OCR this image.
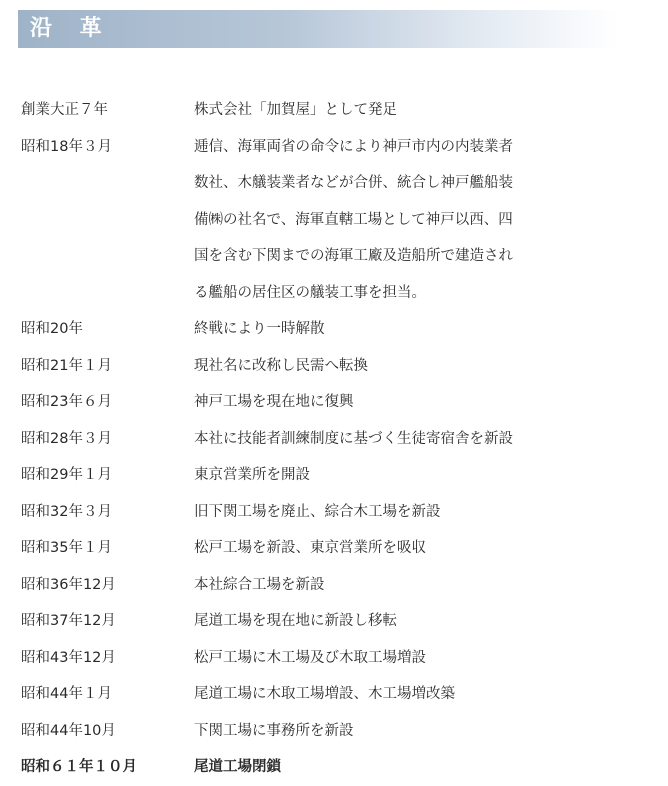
沿 革
創業大正７年	株式会社「加賀屋」として発足
昭和18年３月	逓信、海軍両省の命令により神戸市内の内装業者
数社、木艤装業者などが合併、統合し神戸艦船装
備㈱の社名で、海軍直轄工場として神戸以西、四
国を含む下関までの海軍工廠及造船所で建造され
る艦船の居住区の艤装工事を担当。
昭和20年	終戦により一時解散
昭和21年１月	現社名に改称し民需へ転換
昭和23年６月	神戸工場を現在地に復興
昭和28年３月	本社に技能者訓練制度に基づく生徒寄宿舎を新設
昭和29年１月	東京営業所を開設
昭和32年３月	旧下関工場を廃止、綜合木工場を新設
昭和35年１月	松戸工場を新設、東京営業所を吸収
昭和36年12月	本社綜合工場を新設
昭和37年12月	尾道工場を現在地に新設し移転
昭和43年12月	松戸工場に木工場及び木取工場増設
昭和44年１月	尾道工場に木取工場増設、木工場増改築
昭和44年10月	下関工場に事務所を新設
昭和６１年１０月	尾道工場閉鎖
